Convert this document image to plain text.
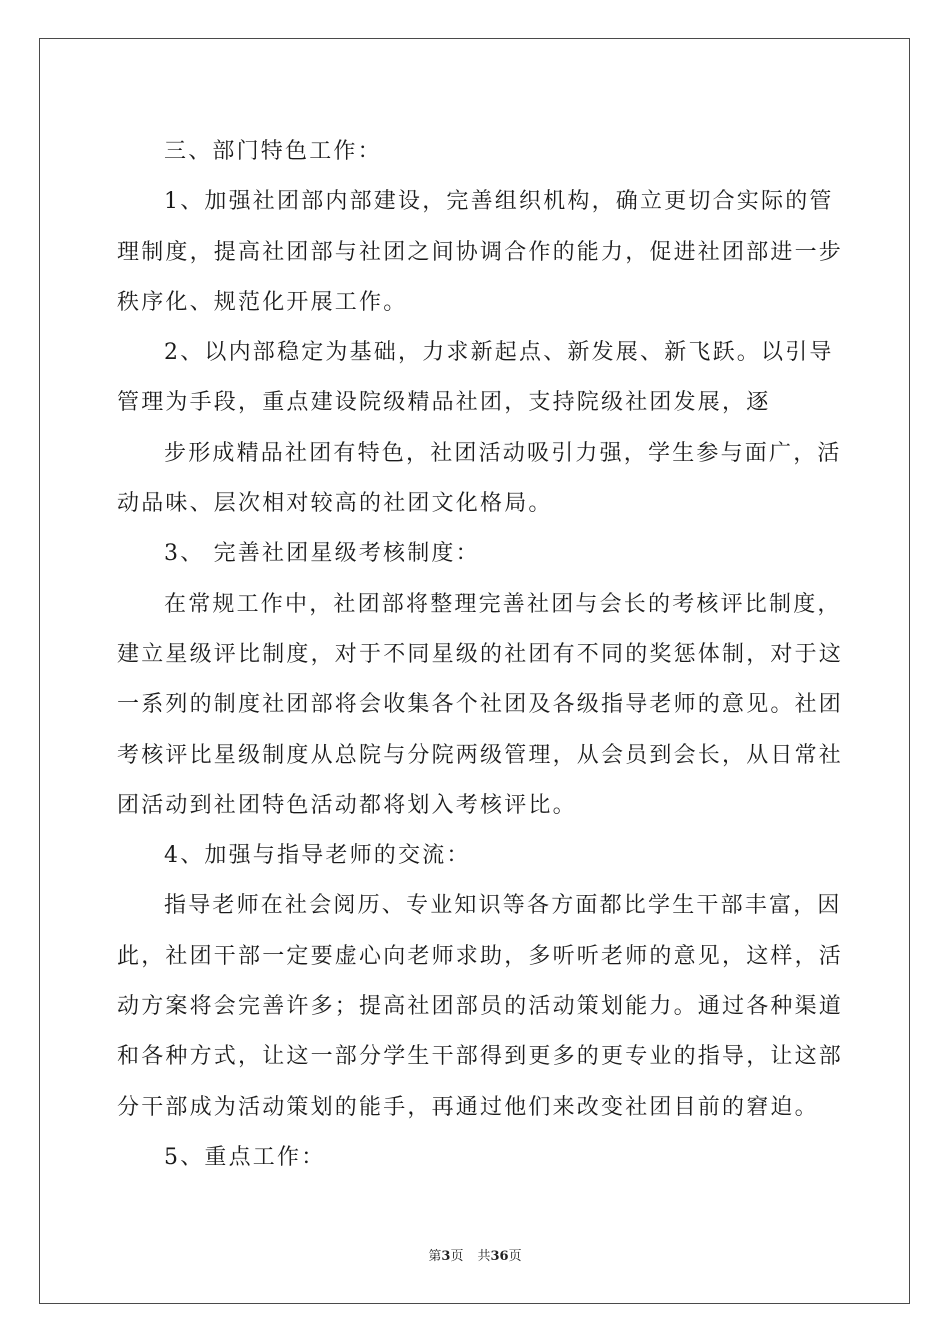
三、部门特色工作：
1、加强社团部内部建设，完善组织机构，确立更切合实际的管
理制度，提高社团部与社团之间协调合作的能力，促进社团部进一步
秩序化、规范化开展工作。
2、以内部稳定为基础，力求新起点、新发展、新飞跃。以引导
管理为手段，重点建设院级精品社团，支持院级社团发展，逐
步形成精品社团有特色，社团活动吸引力强，学生参与面广，活
动品味、层次相对较高的社团文化格局。
3、 完善社团星级考核制度：
在常规工作中，社团部将整理完善社团与会长的考核评比制度，
建立星级评比制度，对于不同星级的社团有不同的奖惩体制，对于这
一系列的制度社团部将会收集各个社团及各级指导老师的意见。社团
考核评比星级制度从总院与分院两级管理，从会员到会长，从日常社
团活动到社团特色活动都将划入考核评比。
4、加强与指导老师的交流：
指导老师在社会阅历、专业知识等各方面都比学生干部丰富，因
此，社团干部一定要虚心向老师求助，多听听老师的意见，这样，活
动方案将会完善许多；提高社团部员的活动策划能力。通过各种渠道
和各种方式，让这一部分学生干部得到更多的更专业的指导，让这部
分干部成为活动策划的能手，再通过他们来改变社团目前的窘迫。
5、重点工作：
第3页 共36页
